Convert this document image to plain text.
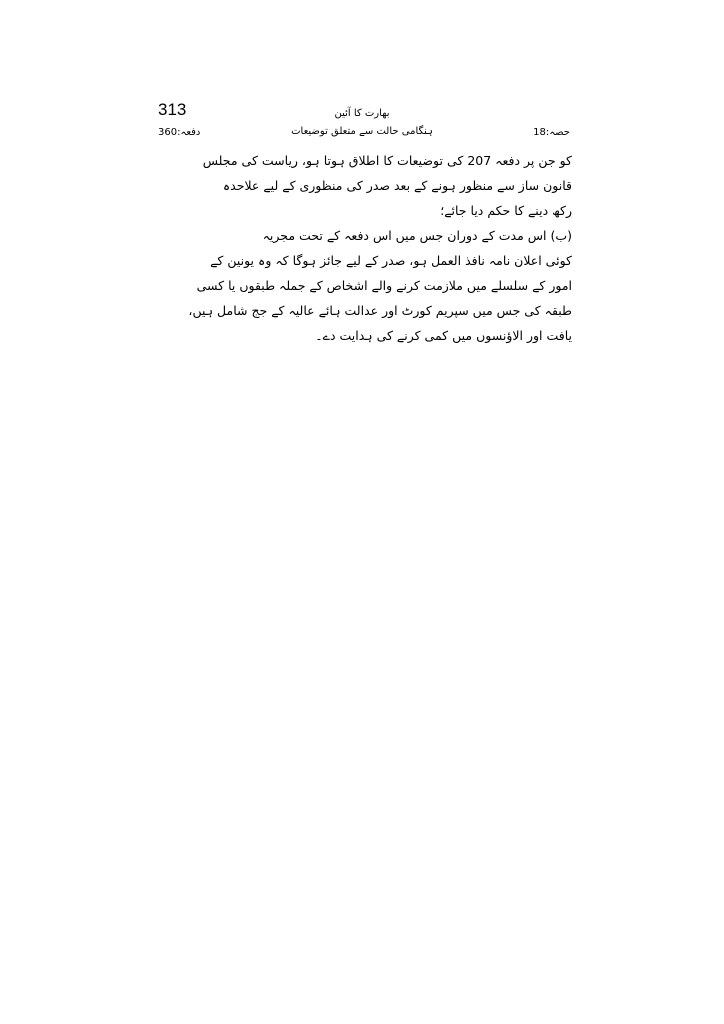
313	بھارت کا آئین
ہنگامی حالت سے متعلق توضیعات
دفعہ:360	حصہ:18
کو جن پر دفعہ 207 کی توضیعات کا اطلاق ہوتا ہو، ریاست کی مجلس
قانون ساز سے منظور ہونے کے بعد صدر کی منظوری کے لیے علاحدہ
رکھ دینے کا حکم دیا جائے؛
(ب) اس مدت کے دوران جس میں اس دفعہ کے تحت مجریہ
کوئی اعلان نامہ نافذ العمل ہو، صدر کے لیے جائز ہوگا کہ وہ یونین کے
امور کے سلسلے میں ملازمت کرنے والے اشخاص کے جملہ طبقوں یا کسی
طبقہ کی جس میں سپریم کورٹ اور عدالت ہائے عالیہ کے جج شامل ہیں،
یافت اور الاؤنسوں میں کمی کرنے کی ہدایت دے۔
